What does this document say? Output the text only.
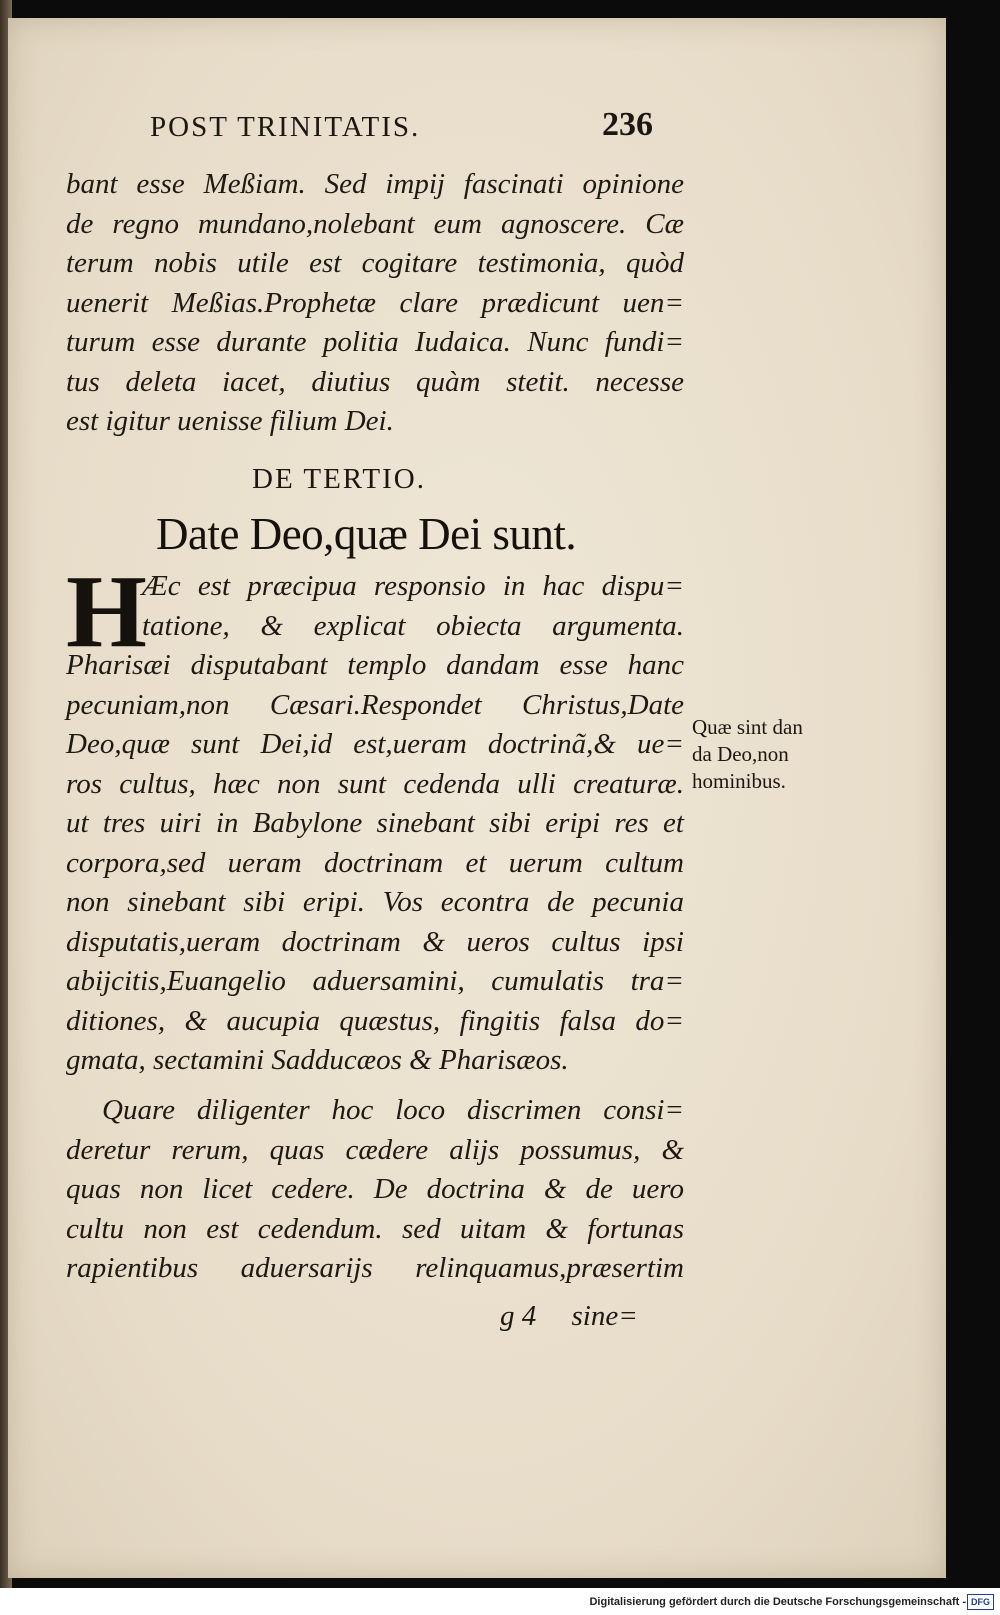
POST TRINITATIS.	236
bant esse Meßiam. Sed impij fascinati opinione
de regno mundano,nolebant eum agnoscere. Cæ
terum nobis utile est cogitare testimonia, quòd
uenerit Meßias.Prophetæ clare prædicunt uen=
turum esse durante politia Iudaica. Nunc fundi=
tus deleta iacet, diutius quàm stetit. necesse
est igitur uenisse filium Dei.
DE TERTIO.
Date Deo,quæ Dei sunt.
H
Æc est præcipua responsio in hac dispu=
tatione, & explicat obiecta argumenta.
Pharisæi disputabant templo dandam esse hanc
pecuniam,non Cæsari.Respondet Christus,Date
Deo,quæ sunt Dei,id est,ueram doctrinã,& ue=
ros cultus, hæc non sunt cedenda ulli creaturæ.
ut tres uiri in Babylone sinebant sibi eripi res et
corpora,sed ueram doctrinam et uerum cultum
non sinebant sibi eripi. Vos econtra de pecunia
disputatis,ueram doctrinam & ueros cultus ipsi
abijcitis,Euangelio aduersamini, cumulatis tra=
ditiones, & aucupia quæstus, fingitis falsa do=
gmata, sectamini Sadducæos & Pharisæos.
Quare diligenter hoc loco discrimen consi=
deretur rerum, quas cædere alijs possumus, &
quas non licet cedere. De doctrina & de uero
cultu non est cedendum. sed uitam & fortunas
rapientibus aduersarijs relinquamus,præsertim
Quæ sint dan
da Deo,non
hominibus.
g 4 sine=
Digitalisierung gefördert durch die Deutsche Forschungsgemeinschaft - DFG
